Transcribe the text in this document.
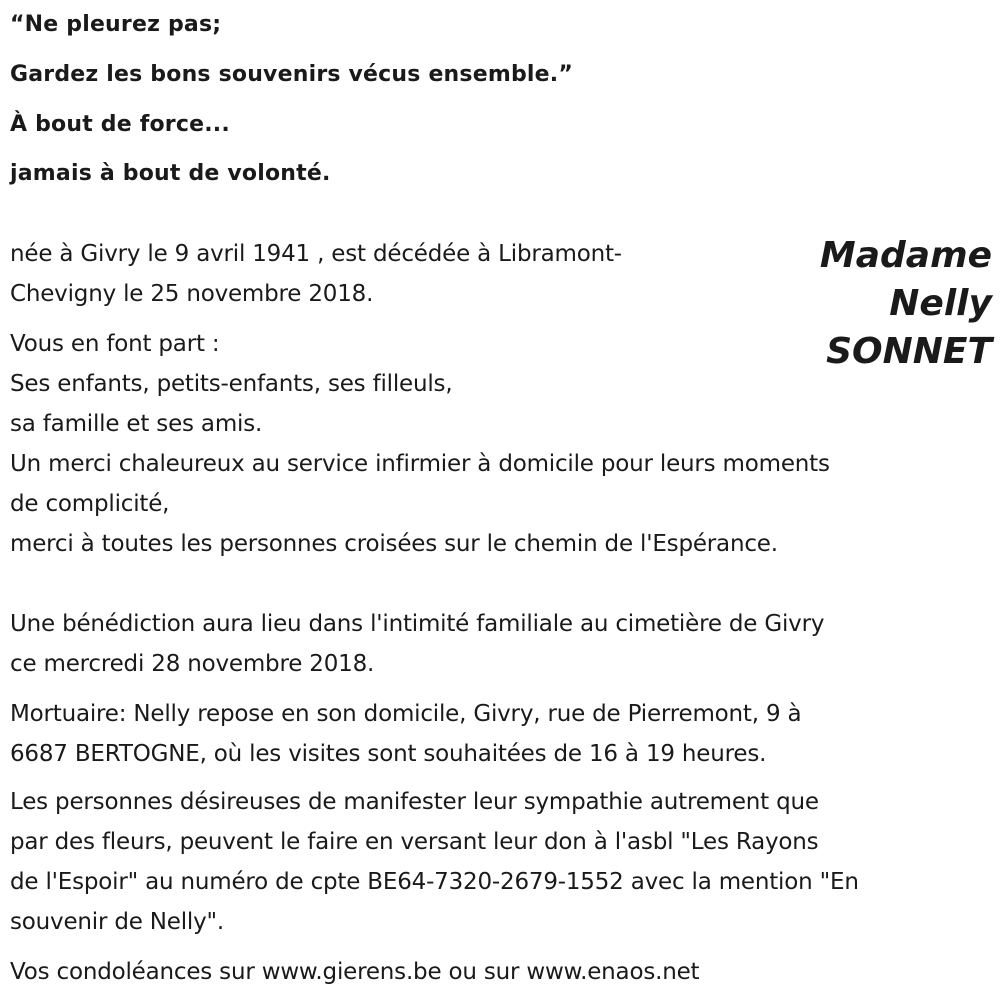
“Ne pleurez pas;
Gardez les bons souvenirs vécus ensemble.”
À bout de force...
jamais à bout de volonté.
Madame
Nelly
SONNET
née à Givry le 9 avril 1941 , est décédée à Libramont-
Chevigny le 25 novembre 2018.
Vous en font part :
Ses enfants, petits-enfants, ses filleuls,
sa famille et ses amis.
Un merci chaleureux au service infirmier à domicile pour leurs moments
de complicité,
merci à toutes les personnes croisées sur le chemin de l'Espérance.
Une bénédiction aura lieu dans l'intimité familiale au cimetière de Givry
ce mercredi 28 novembre 2018.
Mortuaire: Nelly repose en son domicile, Givry, rue de Pierremont, 9 à
6687 BERTOGNE, où les visites sont souhaitées de 16 à 19 heures.
Les personnes désireuses de manifester leur sympathie autrement que
par des fleurs, peuvent le faire en versant leur don à l'asbl "Les Rayons
de l'Espoir" au numéro de cpte BE64-7320-2679-1552 avec la mention "En
souvenir de Nelly".
Vos condoléances sur www.gierens.be ou sur www.enaos.net
